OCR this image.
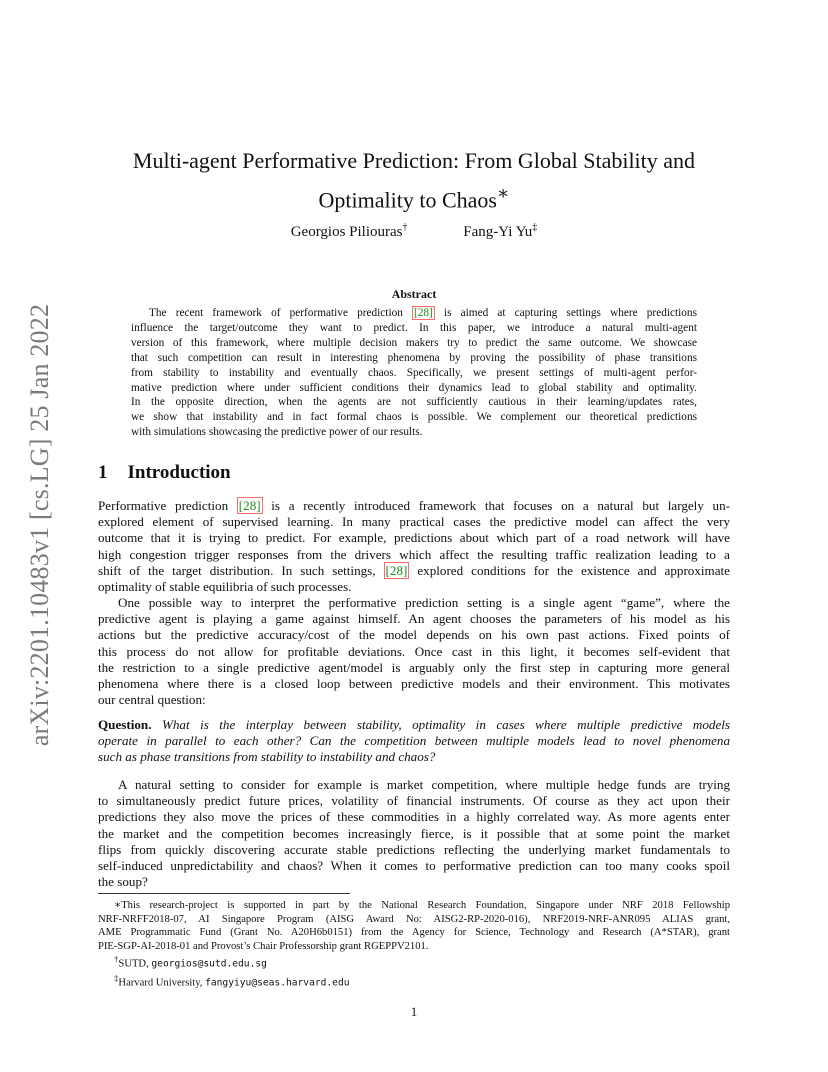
arXiv:2201.10483v1 [cs.LG] 25 Jan 2022
Multi-agent Performative Prediction: From Global Stability and
Optimality to Chaos∗
Georgios Piliouras†	Fang-Yi Yu‡
Abstract
The recent framework of performative prediction [28] is aimed at capturing settings where predictions
influence the target/outcome they want to predict. In this paper, we introduce a natural multi-agent
version of this framework, where multiple decision makers try to predict the same outcome. We showcase
that such competition can result in interesting phenomena by proving the possibility of phase transitions
from stability to instability and eventually chaos. Specifically, we present settings of multi-agent perfor-
mative prediction where under sufficient conditions their dynamics lead to global stability and optimality.
In the opposite direction, when the agents are not sufficiently cautious in their learning/updates rates,
we show that instability and in fact formal chaos is possible. We complement our theoretical predictions
with simulations showcasing the predictive power of our results.
1 Introduction
Performative prediction [28] is a recently introduced framework that focuses on a natural but largely un-
explored element of supervised learning. In many practical cases the predictive model can affect the very
outcome that it is trying to predict. For example, predictions about which part of a road network will have
high congestion trigger responses from the drivers which affect the resulting traffic realization leading to a
shift of the target distribution. In such settings, [28] explored conditions for the existence and approximate
optimality of stable equilibria of such processes.
One possible way to interpret the performative prediction setting is a single agent “game”, where the
predictive agent is playing a game against himself. An agent chooses the parameters of his model as his
actions but the predictive accuracy/cost of the model depends on his own past actions. Fixed points of
this process do not allow for profitable deviations. Once cast in this light, it becomes self-evident that
the restriction to a single predictive agent/model is arguably only the first step in capturing more general
phenomena where there is a closed loop between predictive models and their environment. This motivates
our central question:
Question. What is the interplay between stability, optimality in cases where multiple predictive models
operate in parallel to each other? Can the competition between multiple models lead to novel phenomena
such as phase transitions from stability to instability and chaos?
A natural setting to consider for example is market competition, where multiple hedge funds are trying
to simultaneously predict future prices, volatility of financial instruments. Of course as they act upon their
predictions they also move the prices of these commodities in a highly correlated way. As more agents enter
the market and the competition becomes increasingly fierce, is it possible that at some point the market
flips from quickly discovering accurate stable predictions reflecting the underlying market fundamentals to
self-induced unpredictability and chaos? When it comes to performative prediction can too many cooks spoil
the soup?
∗This research-project is supported in part by the National Research Foundation, Singapore under NRF 2018 Fellowship
NRF-NRFF2018-07, AI Singapore Program (AISG Award No: AISG2-RP-2020-016), NRF2019-NRF-ANR095 ALIAS grant,
AME Programmatic Fund (Grant No. A20H6b0151) from the Agency for Science, Technology and Research (A*STAR), grant
PIE-SGP-AI-2018-01 and Provost’s Chair Professorship grant RGEPPV2101.
†SUTD, georgios@sutd.edu.sg
‡Harvard University, fangyiyu@seas.harvard.edu
1
